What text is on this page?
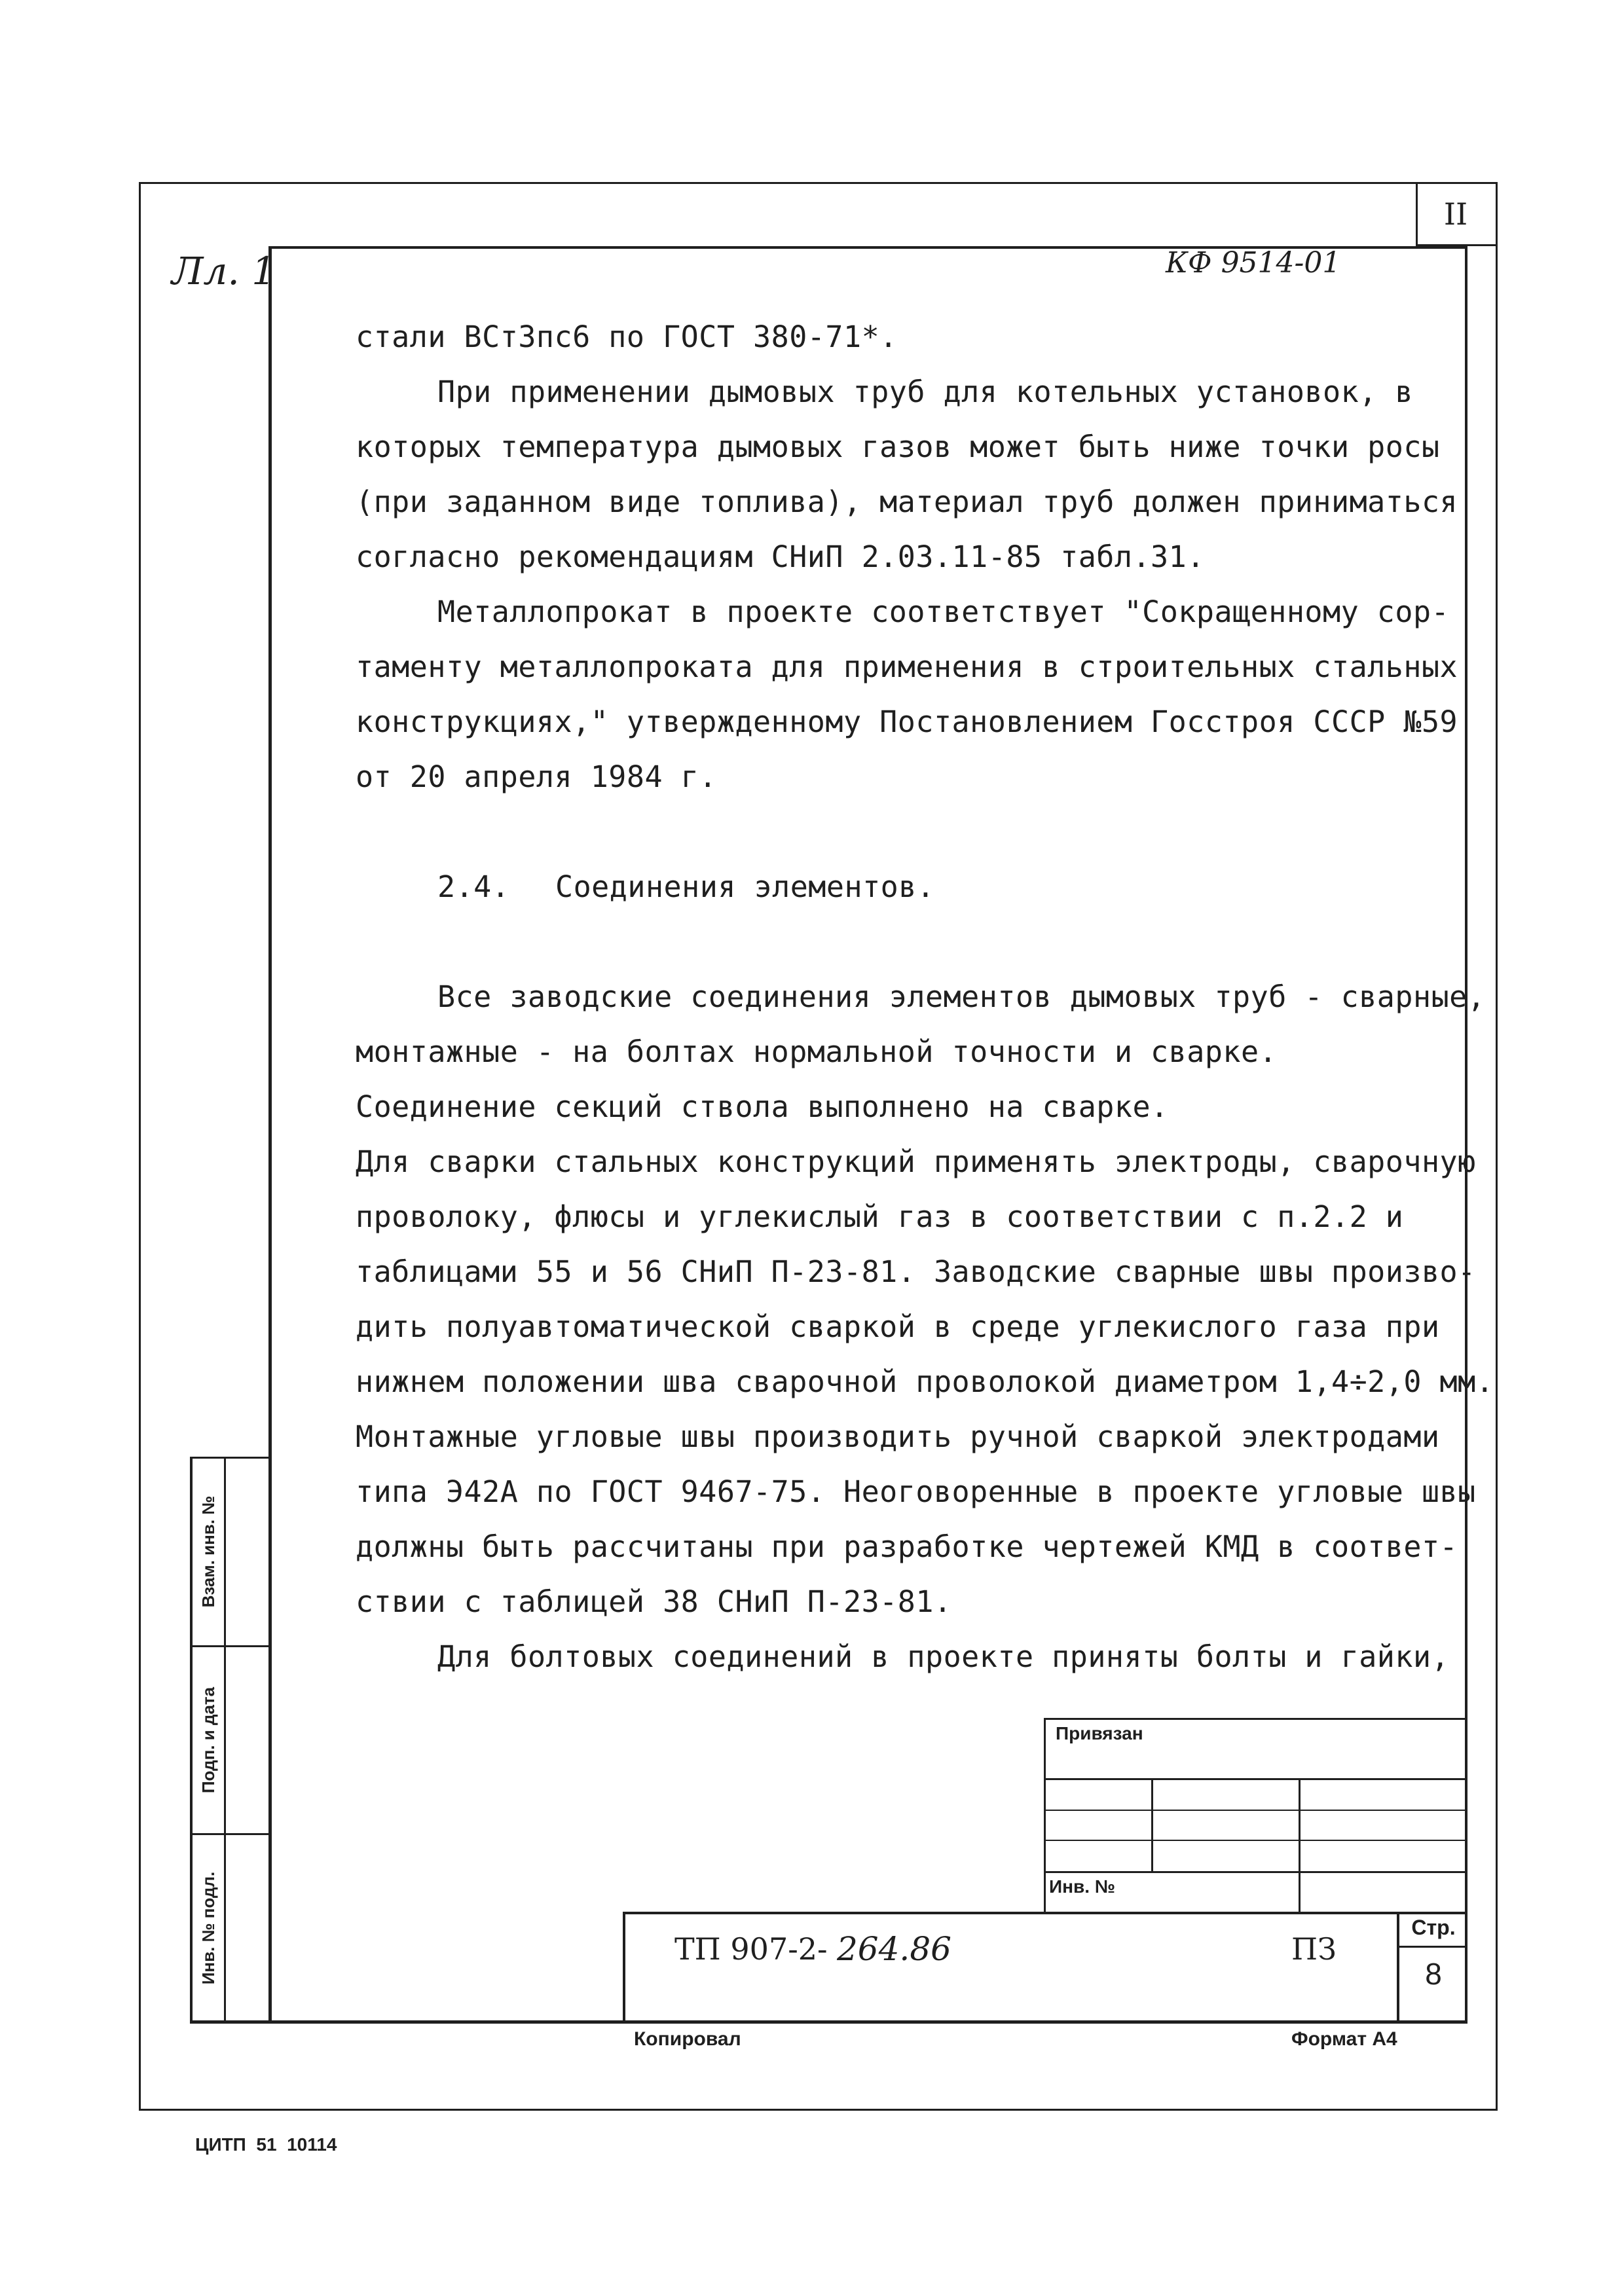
II
Лл. 1	КФ 9514-01
стали ВСт3пс6 по ГОСТ 380-71*.
При применении дымовых труб для котельных установок, в
которых температура дымовых газов может быть ниже точки росы
(при заданном виде топлива), материал труб должен приниматься
согласно рекомендациям СНиП 2.03.11-85 табл.31.
Металлопрокат в проекте соответствует "Сокращенному сор-
таменту металлопроката для применения в строительных стальных
конструкциях," утвержденному Постановлением Госстроя СССР №59
от 20 апреля 1984 г.
2.4. Соединения элементов.
Все заводские соединения элементов дымовых труб - сварные,
монтажные - на болтах нормальной точности и сварке.
Соединение секций ствола выполнено на сварке.
Для сварки стальных конструкций применять электроды, сварочную
проволоку, флюсы и углекислый газ в соответствии с п.2.2 и
таблицами 55 и 56 СНиП П-23-81. Заводские сварные швы произво-
дить полуавтоматической сваркой в среде углекислого газа при
нижнем положении шва сварочной проволокой диаметром 1,4÷2,0 мм.
Монтажные угловые швы производить ручной сваркой электродами
типа Э42А по ГОСТ 9467-75. Неоговоренные в проекте угловые швы
должны быть рассчитаны при разработке чертежей КМД в соответ-
ствии с таблицей 38 СНиП П-23-81.
Для болтовых соединений в проекте приняты болты и гайки,
Взам. инв. №
Подп. и дата
Инв. № подл.
Привязан
Инв. №
ТП 907-2- 264.86	ПЗ
Стр.
8
Копировал	Формат А4
ЦИТП  51  10114
